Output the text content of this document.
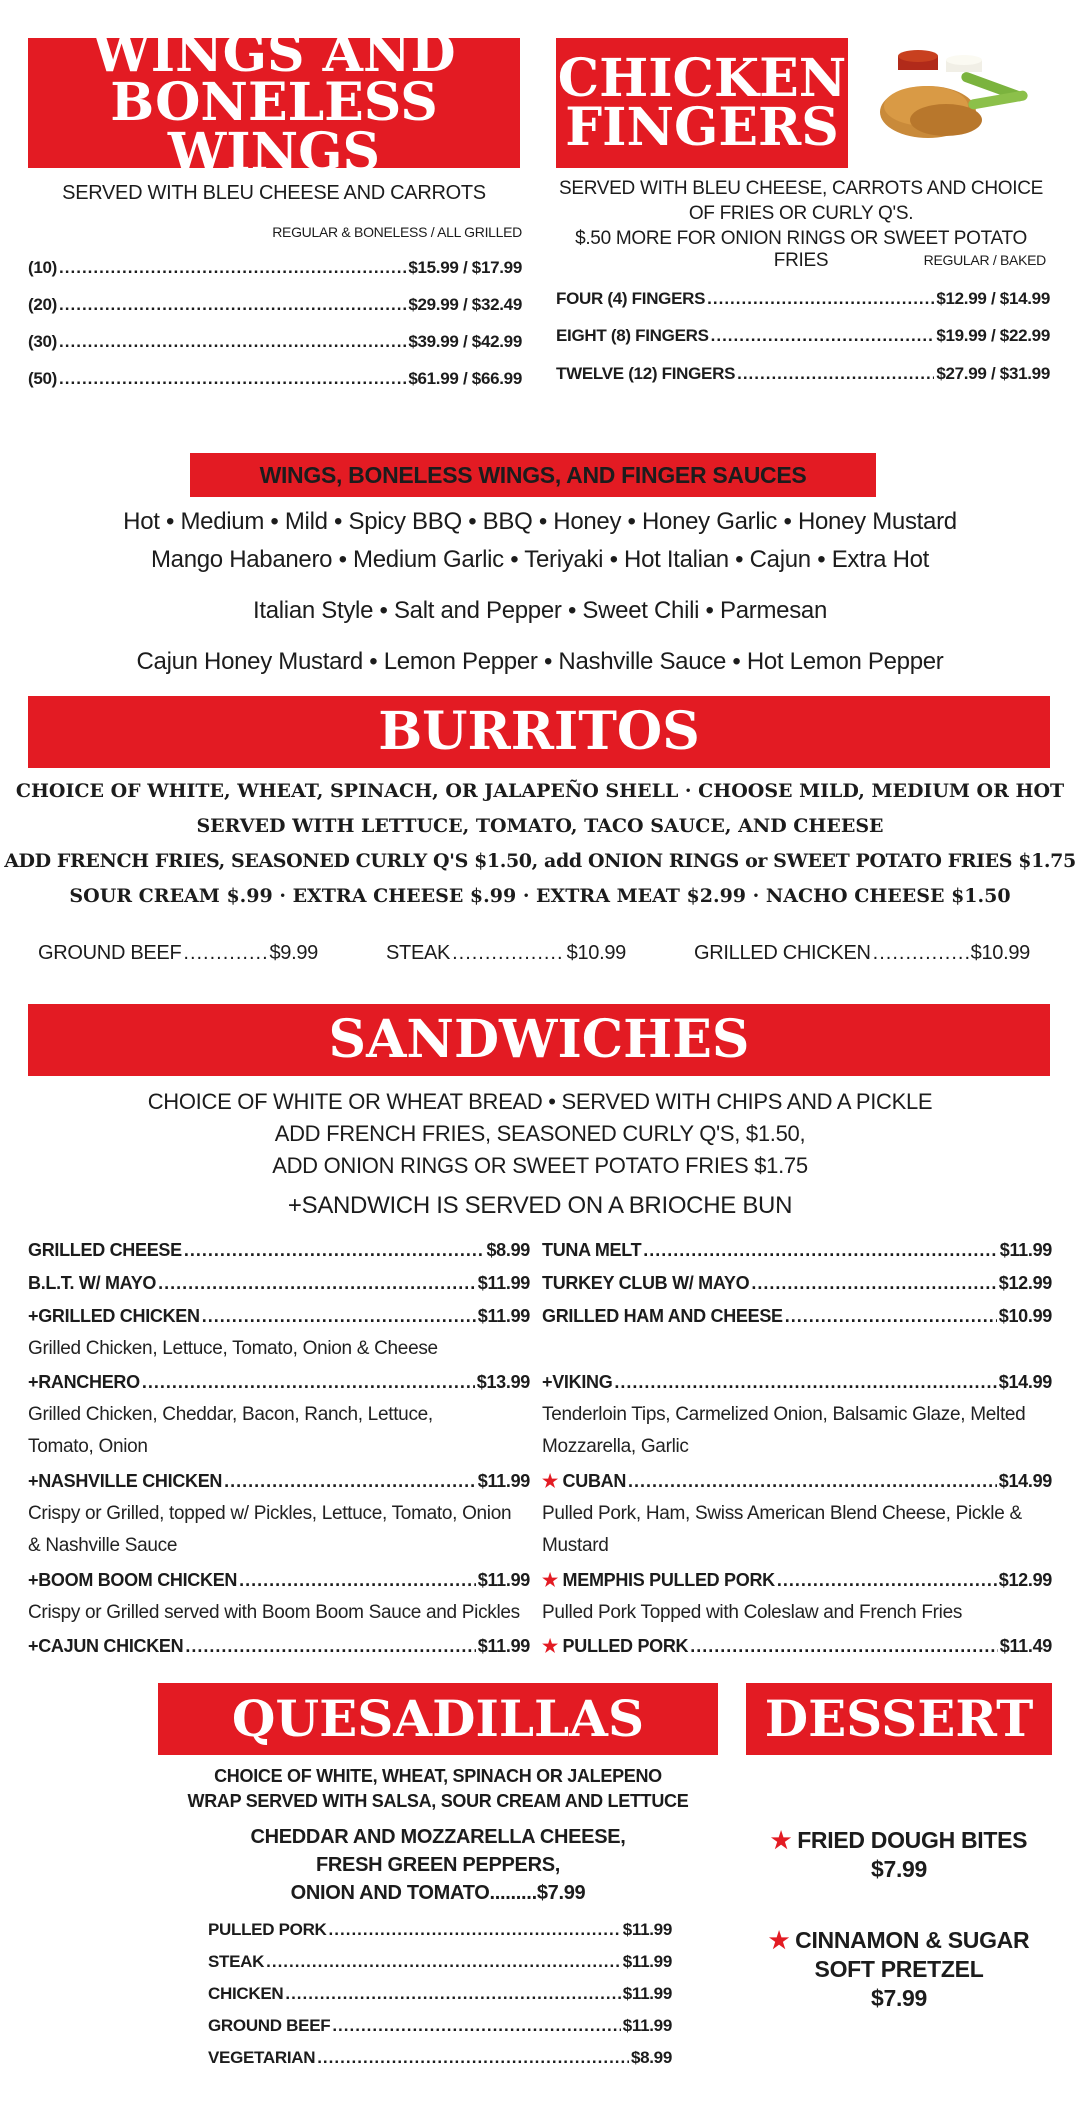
WINGS AND
BONELESS WINGS
SERVED WITH BLEU CHEESE AND CARROTS
REGULAR & BONELESS / ALL GRILLED
(10) .....	$15.99 / $17.99
(20) .....	$29.99 / $32.49
(30) .....	$39.99 / $42.99
(50) .....	$61.99 / $66.99
CHICKEN
FINGERS
SERVED WITH BLEU CHEESE, CARROTS AND CHOICE
OF FRIES OR CURLY Q'S.
$.50 MORE FOR ONION RINGS OR SWEET POTATO FRIES	REGULAR / BAKED
FOUR (4) FINGERS .....	$12.99 / $14.99
EIGHT (8) FINGERS .....	$19.99 / $22.99
TWELVE (12) FINGERS .....	$27.99 / $31.99
WINGS, BONELESS WINGS, AND FINGER SAUCES
Hot • Medium • Mild • Spicy BBQ • BBQ • Honey • Honey Garlic • Honey Mustard
Mango Habanero • Medium Garlic • Teriyaki • Hot Italian • Cajun • Extra Hot
Italian Style • Salt and Pepper • Sweet Chili • Parmesan
Cajun Honey Mustard • Lemon Pepper • Nashville Sauce • Hot Lemon Pepper
BURRITOS
CHOICE OF WHITE, WHEAT, SPINACH, OR JALAPEÑO SHELL · CHOOSE MILD, MEDIUM OR HOT
SERVED WITH LETTUCE, TOMATO, TACO SAUCE, AND CHEESE
ADD FRENCH FRIES, SEASONED CURLY Q'S $1.50, add ONION RINGS or SWEET POTATO FRIES $1.75
SOUR CREAM $.99 · EXTRA CHEESE $.99 · EXTRA MEAT $2.99 · NACHO CHEESE $1.50
GROUND BEEF .....	$9.99	STEAK .....	$10.99	GRILLED CHICKEN .....	$10.99
SANDWICHES
CHOICE OF WHITE OR WHEAT BREAD • SERVED WITH CHIPS AND A PICKLE
ADD FRENCH FRIES, SEASONED CURLY Q'S, $1.50,
ADD ONION RINGS OR SWEET POTATO FRIES $1.75
+SANDWICH IS SERVED ON A BRIOCHE BUN
GRILLED CHEESE .....	$8.99
B.L.T. W/ MAYO .....	$11.99
+GRILLED CHICKEN .....	$11.99
Grilled Chicken, Lettuce, Tomato, Onion & Cheese
+RANCHERO .....	$13.99
Grilled Chicken, Cheddar, Bacon, Ranch, Lettuce, Tomato, Onion
+NASHVILLE CHICKEN .....	$11.99
Crispy or Grilled, topped w/ Pickles, Lettuce, Tomato, Onion & Nashville Sauce
+BOOM BOOM CHICKEN .....	$11.99
Crispy or Grilled served with Boom Boom Sauce and Pickles
+CAJUN CHICKEN .....	$11.99
TUNA MELT .....	$11.99
TURKEY CLUB W/ MAYO .....	$12.99
GRILLED HAM AND CHEESE .....	$10.99
+VIKING .....	$14.99
Tenderloin Tips, Carmelized Onion, Balsamic Glaze, Melted Mozzarella, Garlic
★ CUBAN .....	$14.99
Pulled Pork, Ham, Swiss American Blend Cheese, Pickle & Mustard
★ MEMPHIS PULLED PORK .....	$12.99
Pulled Pork Topped with Coleslaw and French Fries
★ PULLED PORK .....	$11.49
QUESADILLAS
CHOICE OF WHITE, WHEAT, SPINACH OR JALEPENO
WRAP SERVED WITH SALSA, SOUR CREAM AND LETTUCE
CHEDDAR AND MOZZARELLA CHEESE,
FRESH GREEN PEPPERS,
ONION AND TOMATO.........$7.99
PULLED PORK .....	$11.99
STEAK .....	$11.99
CHICKEN .....	$11.99
GROUND BEEF .....	$11.99
VEGETARIAN .....	$8.99
DESSERT
★ FRIED DOUGH BITES
$7.99
★ CINNAMON & SUGAR
SOFT PRETZEL
$7.99
